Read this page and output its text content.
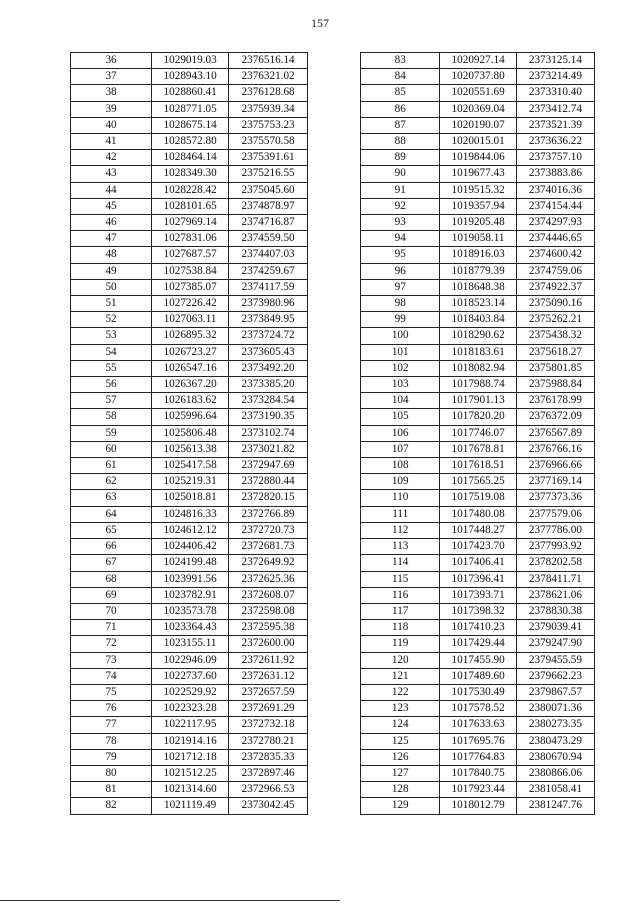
157
36	1029019.03	2376516.14
37	1028943.10	2376321.02
38	1028860.41	2376128.68
39	1028771.05	2375939.34
40	1028675.14	2375753.23
41	1028572.80	2375570.58
42	1028464.14	2375391.61
43	1028349.30	2375216.55
44	1028228.42	2375045.60
45	1028101.65	2374878.97
46	1027969.14	2374716.87
47	1027831.06	2374559.50
48	1027687.57	2374407.03
49	1027538.84	2374259.67
50	1027385.07	2374117.59
51	1027226.42	2373980.96
52	1027063.11	2373849.95
53	1026895.32	2373724.72
54	1026723.27	2373605.43
55	1026547.16	2373492.20
56	1026367.20	2373385.20
57	1026183.62	2373284.54
58	1025996.64	2373190.35
59	1025806.48	2373102.74
60	1025613.38	2373021.82
61	1025417.58	2372947.69
62	1025219.31	2372880.44
63	1025018.81	2372820.15
64	1024816.33	2372766.89
65	1024612.12	2372720.73
66	1024406.42	2372681.73
67	1024199.48	2372649.92
68	1023991.56	2372625.36
69	1023782.91	2372608.07
70	1023573.78	2372598.08
71	1023364.43	2372595.38
72	1023155.11	2372600.00
73	1022946.09	2372611.92
74	1022737.60	2372631.12
75	1022529.92	2372657.59
76	1022323.28	2372691.29
77	1022117.95	2372732.18
78	1021914.16	2372780.21
79	1021712.18	2372835.33
80	1021512.25	2372897.46
81	1021314.60	2372966.53
82	1021119.49	2373042.45
83	1020927.14	2373125.14
84	1020737.80	2373214.49
85	1020551.69	2373310.40
86	1020369.04	2373412.74
87	1020190.07	2373521.39
88	1020015.01	2373636.22
89	1019844.06	2373757.10
90	1019677.43	2373883.86
91	1019515.32	2374016.36
92	1019357.94	2374154.44
93	1019205.48	2374297.93
94	1019058.11	2374446.65
95	1018916.03	2374600.42
96	1018779.39	2374759.06
97	1018648.38	2374922.37
98	1018523.14	2375090.16
99	1018403.84	2375262.21
100	1018290.62	2375438.32
101	1018183.61	2375618.27
102	1018082.94	2375801.85
103	1017988.74	2375988.84
104	1017901.13	2376178.99
105	1017820.20	2376372.09
106	1017746.07	2376567.89
107	1017678.81	2376766.16
108	1017618.51	2376966.66
109	1017565.25	2377169.14
110	1017519.08	2377373.36
111	1017480.08	2377579.06
112	1017448.27	2377786.00
113	1017423.70	2377993.92
114	1017406.41	2378202.58
115	1017396.41	2378411.71
116	1017393.71	2378621.06
117	1017398.32	2378830.38
118	1017410.23	2379039.41
119	1017429.44	2379247.90
120	1017455.90	2379455.59
121	1017489.60	2379662.23
122	1017530.49	2379867.57
123	1017578.52	2380071.36
124	1017633.63	2380273.35
125	1017695.76	2380473.29
126	1017764.83	2380670.94
127	1017840.75	2380866.06
128	1017923.44	2381058.41
129	1018012.79	2381247.76
